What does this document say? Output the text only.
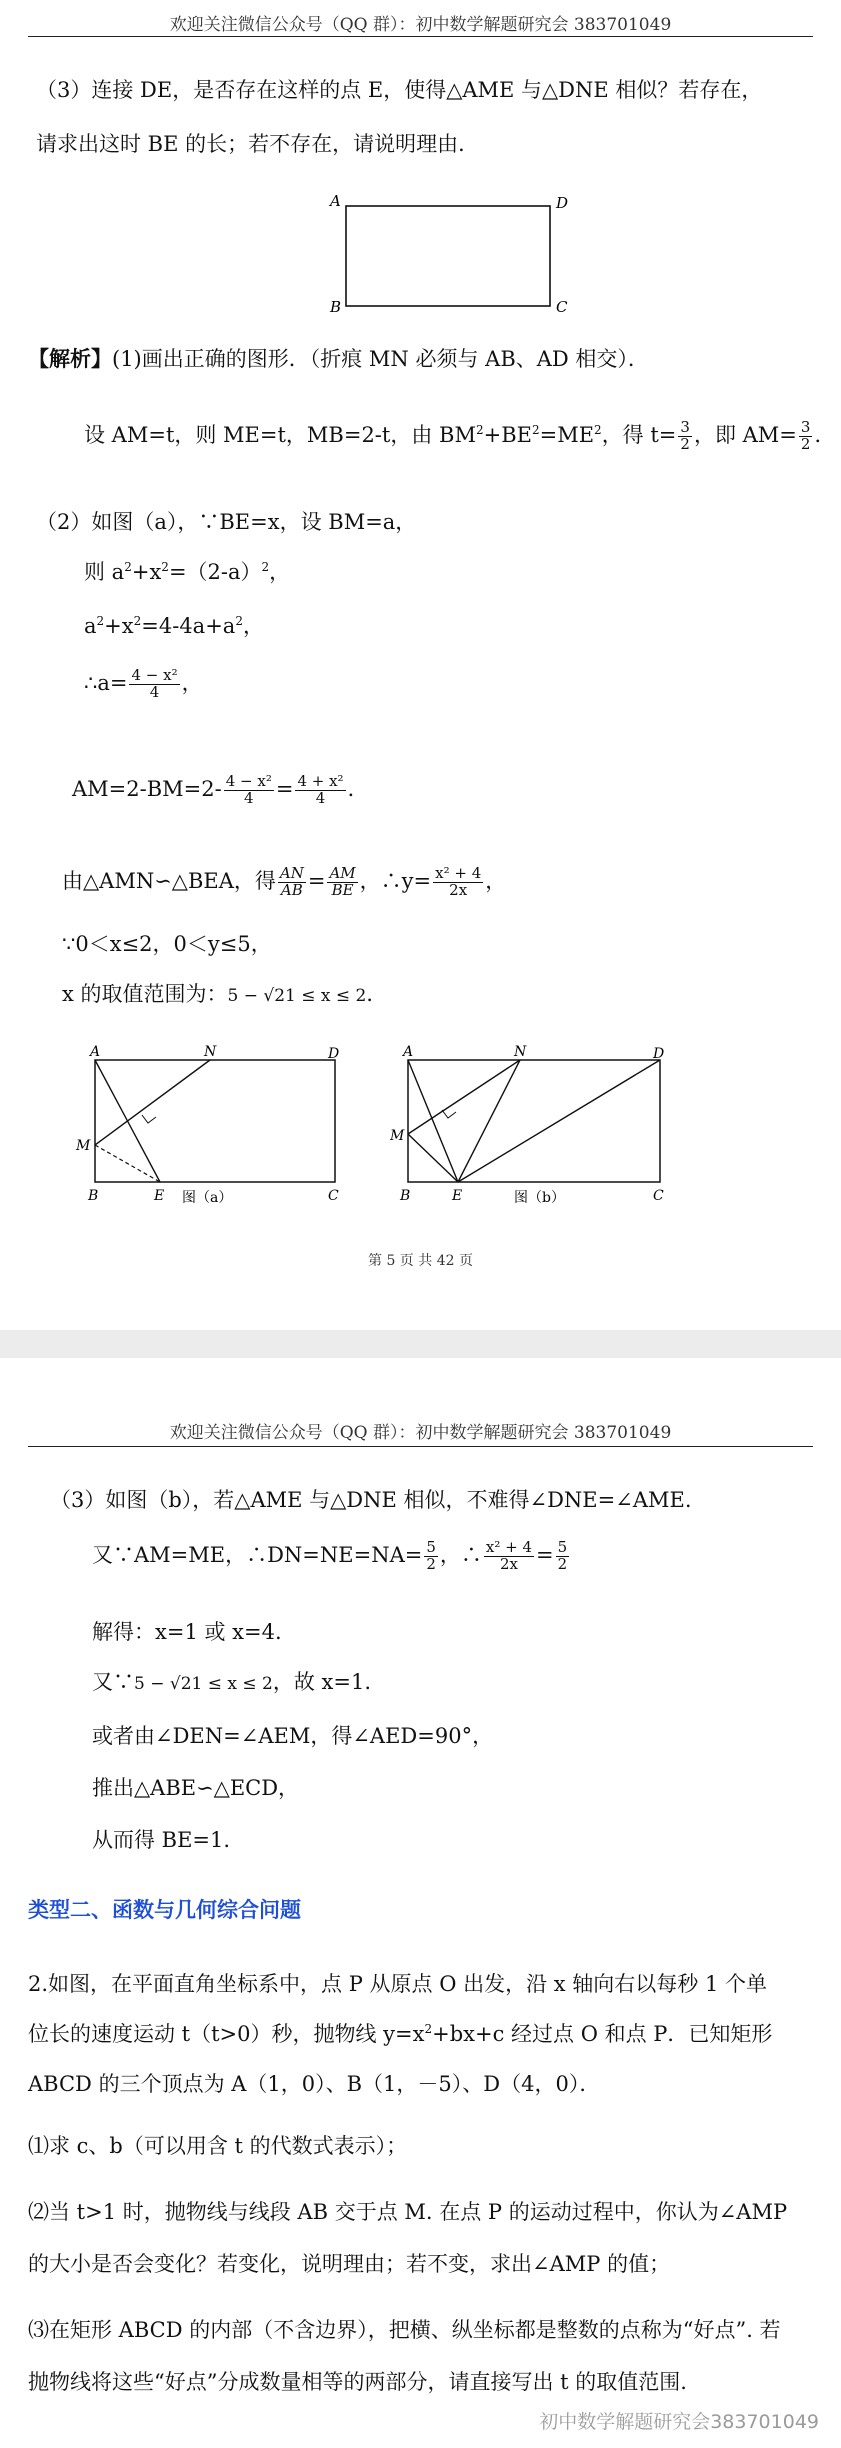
欢迎关注微信公众号（QQ 群）：初中数学解题研究会 383701049
（3）连接 DE，是否存在这样的点 E，使得△AME 与△DNE 相似？若存在，
请求出这时 BE 的长；若不存在，请说明理由．
A	D
B	C
【解析】(1)画出正确的图形．（折痕 MN 必须与 AB、AD 相交）．
设 AM=t，则 ME=t，MB=2-t，由 $BM^2+BE^2=ME^2$，得 $t= \frac{3}{2}$ ，即 $AM= \frac{3}{2}$ ．
（2）如图（a），∵BE=x，设 BM=a，
则 $a^2+x^2=(2-a)^2$，
$a^2+x^2=4-4a+a^2$，
∴a= $\frac{\text{4 − x²}}{4}$ ，
$AM=2-BM=2- \frac{\text{4 − x²}}{4} = \frac{\text{4 + x²}}{4}$ ．
由△AMN∽△BEA，得 $\frac{AN}{AB} = \frac{AM}{BE}$ ，∴y= $\frac{\text{x² + 4}}{2x}$ ，
∵0＜x≤2，0＜y≤5，
x 的取值范围为：5 − √21 ≤ x ≤ 2．
A	N	D
M
B	E	C
图（a）
A	N	D
M
B	E	C
图（b）
第 5 页 共 42 页
欢迎关注微信公众号（QQ 群）：初中数学解题研究会 383701049
（3）如图（b），若△AME 与△DNE 相似，不难得∠DNE=∠AME.
又∵AM=ME，∴DN=NE=NA= $\frac{5}{2}$ ，∴ $\frac{\text{x² + 4}}{2x} = \frac{5}{2}$
解得：x=1 或 x=4.
又∵5 − √21 ≤ x ≤ 2，故 x=1.
或者由∠DEN=∠AEM，得∠AED=90°，
推出△ABE∽△ECD，
从而得 BE=1.
类型二、函数与几何综合问题
2.如图，在平面直角坐标系中，点 P 从原点 O 出发，沿 x 轴向右以每秒 1 个单
位长的速度运动 t（t>0）秒，抛物线 $y=x^2+bx+c$ 经过点 O 和点 P．已知矩形
ABCD 的三个顶点为 A（1，0）、B（1，－5）、D（4，0）．
⑴求 c、b（可以用含 t 的代数式表示）；
⑵当 t>1 时，抛物线与线段 AB 交于点 M. 在点 P 的运动过程中，你认为∠AMP
的大小是否会变化？若变化，说明理由；若不变，求出∠AMP 的值；
⑶在矩形 ABCD 的内部（不含边界），把横、纵坐标都是整数的点称为“好点”. 若
抛物线将这些“好点”分成数量相等的两部分，请直接写出 t 的取值范围.
初中数学解题研究会383701049
